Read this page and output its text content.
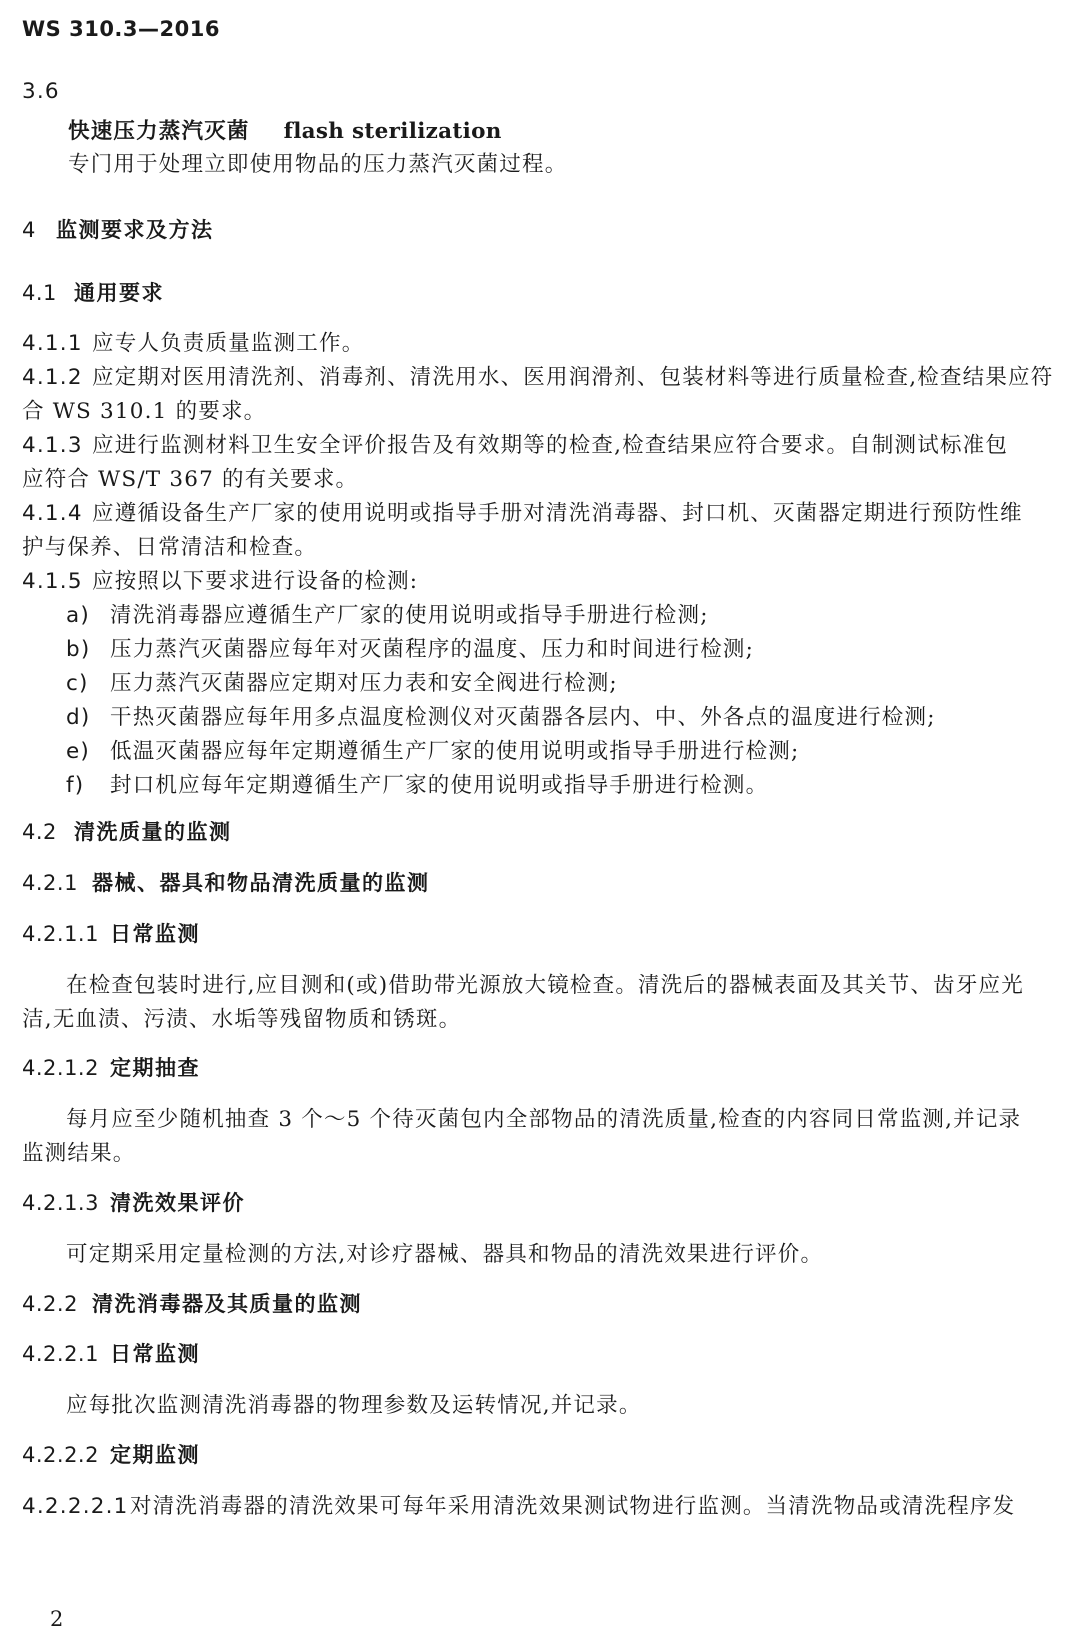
WS 310.3—2016
3.6
快速压力蒸汽灭菌 flash sterilization
专门用于处理立即使用物品的压力蒸汽灭菌过程。
4 监测要求及方法
4.1 通用要求
4.1.1 应专人负责质量监测工作。
4.1.2 应定期对医用清洗剂、消毒剂、清洗用水、医用润滑剂、包装材料等进行质量检查,检查结果应符
合 WS 310.1 的要求。
4.1.3 应进行监测材料卫生安全评价报告及有效期等的检查,检查结果应符合要求。自制测试标准包
应符合 WS/T 367 的有关要求。
4.1.4 应遵循设备生产厂家的使用说明或指导手册对清洗消毒器、封口机、灭菌器定期进行预防性维
护与保养、日常清洁和检查。
4.1.5 应按照以下要求进行设备的检测:
a) 清洗消毒器应遵循生产厂家的使用说明或指导手册进行检测;
b) 压力蒸汽灭菌器应每年对灭菌程序的温度、压力和时间进行检测;
c) 压力蒸汽灭菌器应定期对压力表和安全阀进行检测;
d) 干热灭菌器应每年用多点温度检测仪对灭菌器各层内、中、外各点的温度进行检测;
e) 低温灭菌器应每年定期遵循生产厂家的使用说明或指导手册进行检测;
f) 封口机应每年定期遵循生产厂家的使用说明或指导手册进行检测。
4.2 清洗质量的监测
4.2.1 器械、器具和物品清洗质量的监测
4.2.1.1 日常监测
在检查包装时进行,应目测和(或)借助带光源放大镜检查。清洗后的器械表面及其关节、齿牙应光
洁,无血渍、污渍、水垢等残留物质和锈斑。
4.2.1.2 定期抽查
每月应至少随机抽查 3 个～5 个待灭菌包内全部物品的清洗质量,检查的内容同日常监测,并记录
监测结果。
4.2.1.3 清洗效果评价
可定期采用定量检测的方法,对诊疗器械、器具和物品的清洗效果进行评价。
4.2.2 清洗消毒器及其质量的监测
4.2.2.1 日常监测
应每批次监测清洗消毒器的物理参数及运转情况,并记录。
4.2.2.2 定期监测
4.2.2.2.1对清洗消毒器的清洗效果可每年采用清洗效果测试物进行监测。当清洗物品或清洗程序发
2
